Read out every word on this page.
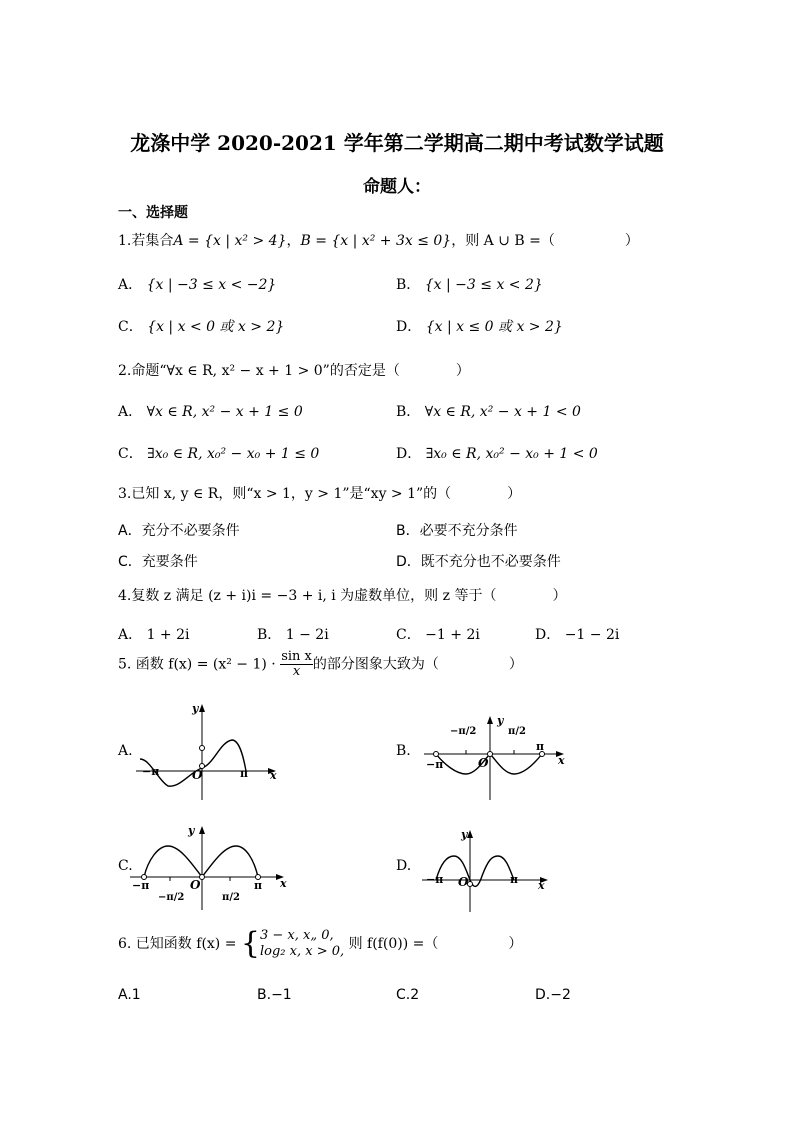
龙涤中学 2020-2021 学年第二学期高二期中考试数学试题
命题人：
一、选择题
1.若集合A = {x | x² > 4}，B = {x | x² + 3x ≤ 0}，则 A ∪ B =（　　　　　）
A． {x | −3 ≤ x < −2}	B． {x | −3 ≤ x < 2}
C． {x | x < 0 或 x > 2}	D． {x | x ≤ 0 或 x > 2}
2.命题“∀x ∈ R, x² − x + 1 > 0”的否定是（　　　　）
A． ∀x ∈ R, x² − x + 1 ≤ 0	B． ∀x ∈ R, x² − x + 1 < 0
C． ∃x₀ ∈ R, x₀² − x₀ + 1 ≤ 0	D． ∃x₀ ∈ R, x₀² − x₀ + 1 < 0
3.已知 x, y ∈ R，则“x > 1，y > 1”是“xy > 1”的（　　　　）
A．充分不必要条件	B．必要不充分条件
C．充要条件	D．既不充分也不必要条件
4.复数 z 满足 (z + i)i = −3 + i, i 为虚数单位，则 z 等于（　　　　）
A． 1 + 2i	B． 1 − 2i	C． −1 + 2i	D． −1 − 2i
5. 函数 $f(x) = (x^2 - 1) \cdot \frac{\text{sin x}}{x}$ 的部分图象大致为（　　　　　）
A.
y
O
−π	π x
B.
y
O
−π
π
x
−π/2	π/2
C.
y
O
−π	π x
−π/2	π/2
D.
y
O
−π	π x
6. 已知函数 f(x) = { 3 − x, x„ 0,
log₂ x, x > 0, 则 f(f(0)) =（　　　　　）
A.1	B.−1	C.2	D.−2
